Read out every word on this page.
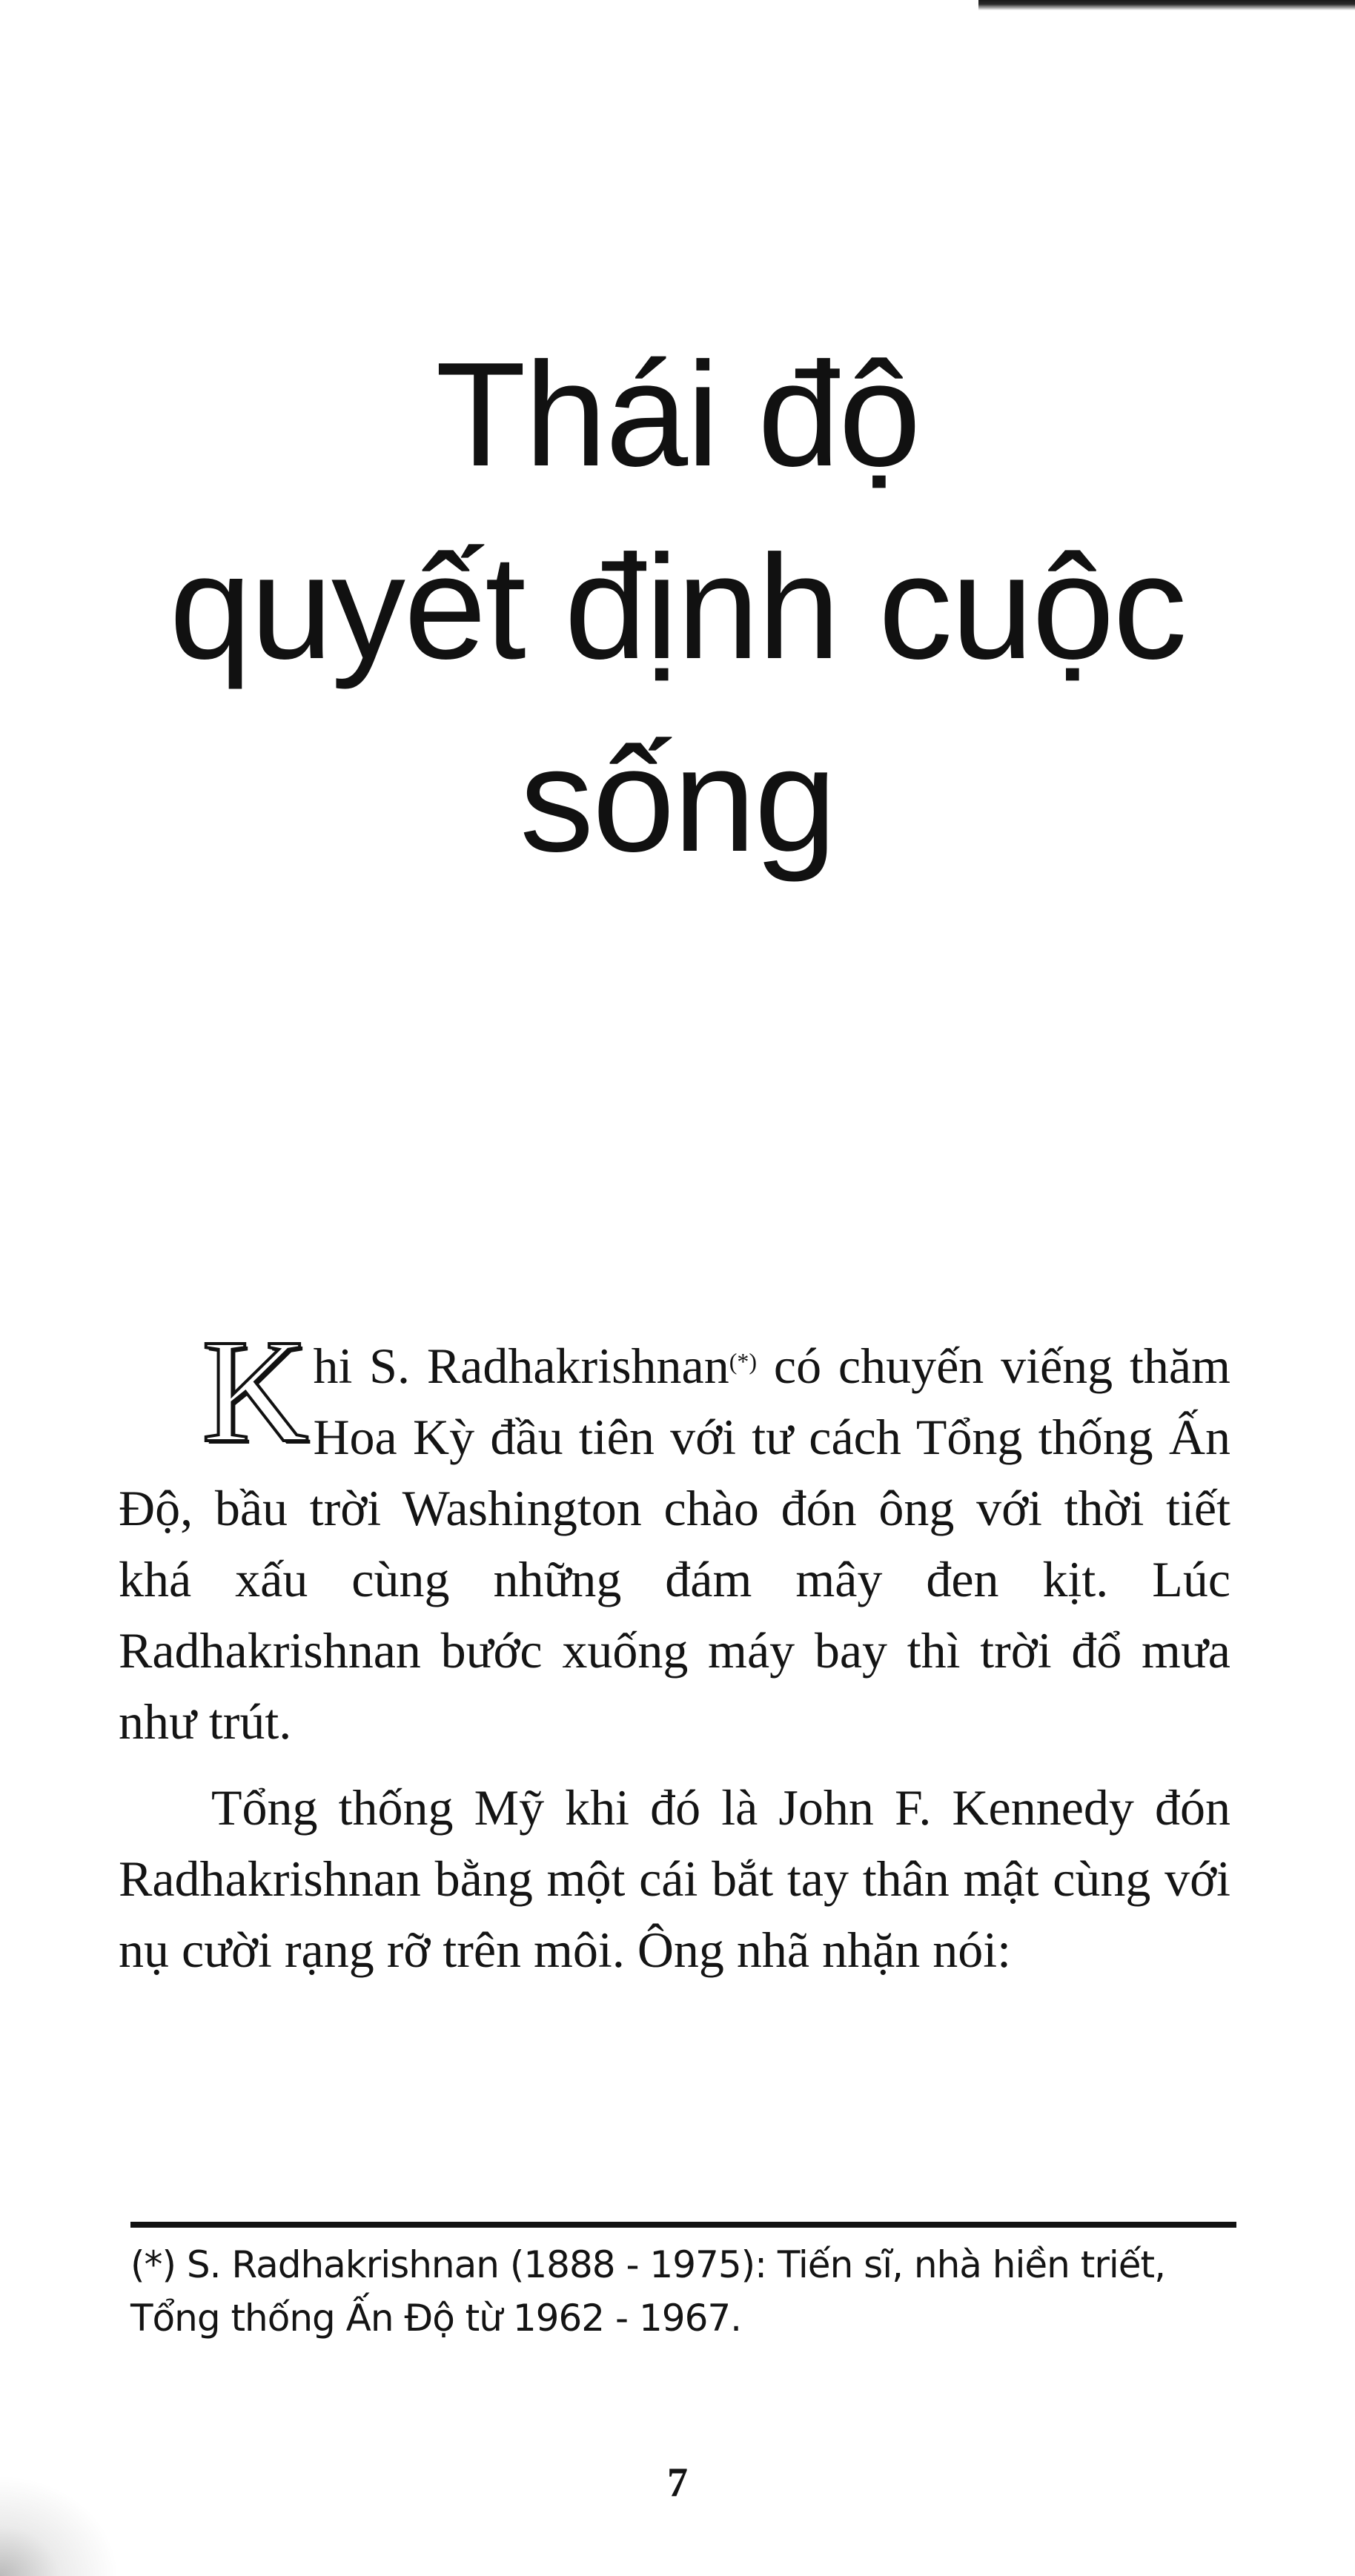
Thái độ
quyết định cuộc sống

Khi S. Radhakrishnan(*) có chuyến viếng thăm Hoa Kỳ đầu tiên với tư cách Tổng thống Ấn Độ, bầu trời Washington chào đón ông với thời tiết khá xấu cùng những đám mây đen kịt. Lúc Radhakrishnan bước xuống máy bay thì trời đổ mưa như trút.

Tổng thống Mỹ khi đó là John F. Kennedy đón Radhakrishnan bằng một cái bắt tay thân mật cùng với nụ cười rạng rỡ trên môi. Ông nhã nhặn nói:

(*) S. Radhakrishnan (1888 - 1975): Tiến sĩ, nhà hiền triết, Tổng thống Ấn Độ từ 1962 - 1967.

7
